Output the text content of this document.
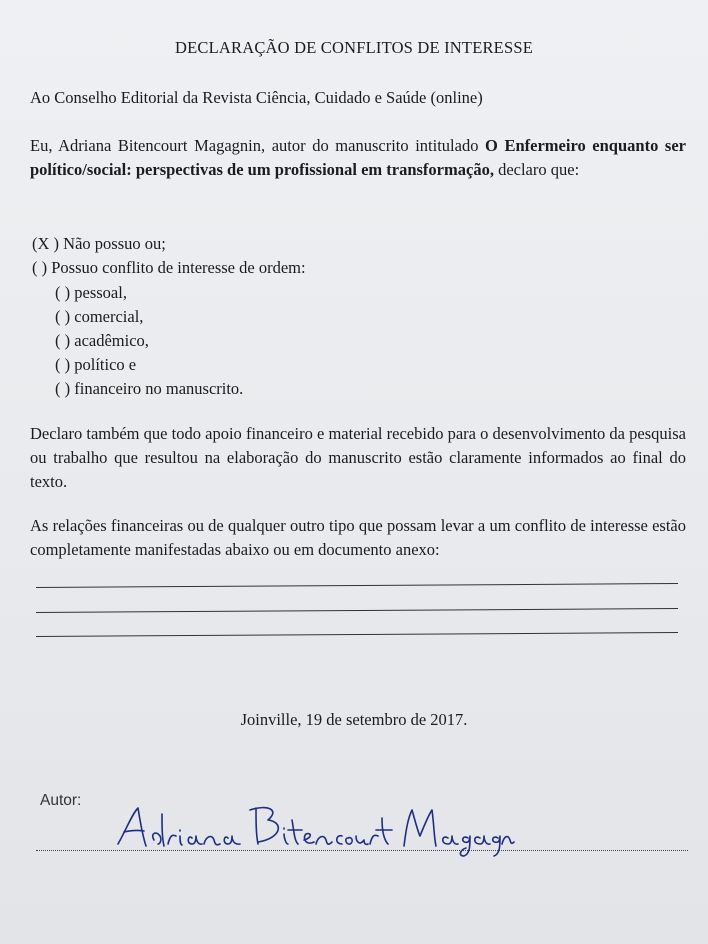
DECLARAÇÃO DE CONFLITOS DE INTERESSE
Ao Conselho Editorial da Revista Ciência, Cuidado e Saúde (online)
Eu, Adriana Bitencourt Magagnin, autor do manuscrito intitulado O Enfermeiro enquanto ser político/social: perspectivas de um profissional em transformação, declaro que:
(X ) Não possuo ou;
( ) Possuo conflito de interesse de ordem:
( ) pessoal,
( ) comercial,
( ) acadêmico,
( ) político e
( ) financeiro no manuscrito.
Declaro também que todo apoio financeiro e material recebido para o desenvolvimento da pesquisa ou trabalho que resultou na elaboração do manuscrito estão claramente informados ao final do texto.
As relações financeiras ou de qualquer outro tipo que possam levar a um conflito de interesse estão completamente manifestadas abaixo ou em documento anexo:
Joinville, 19 de setembro de 2017.
Autor:
